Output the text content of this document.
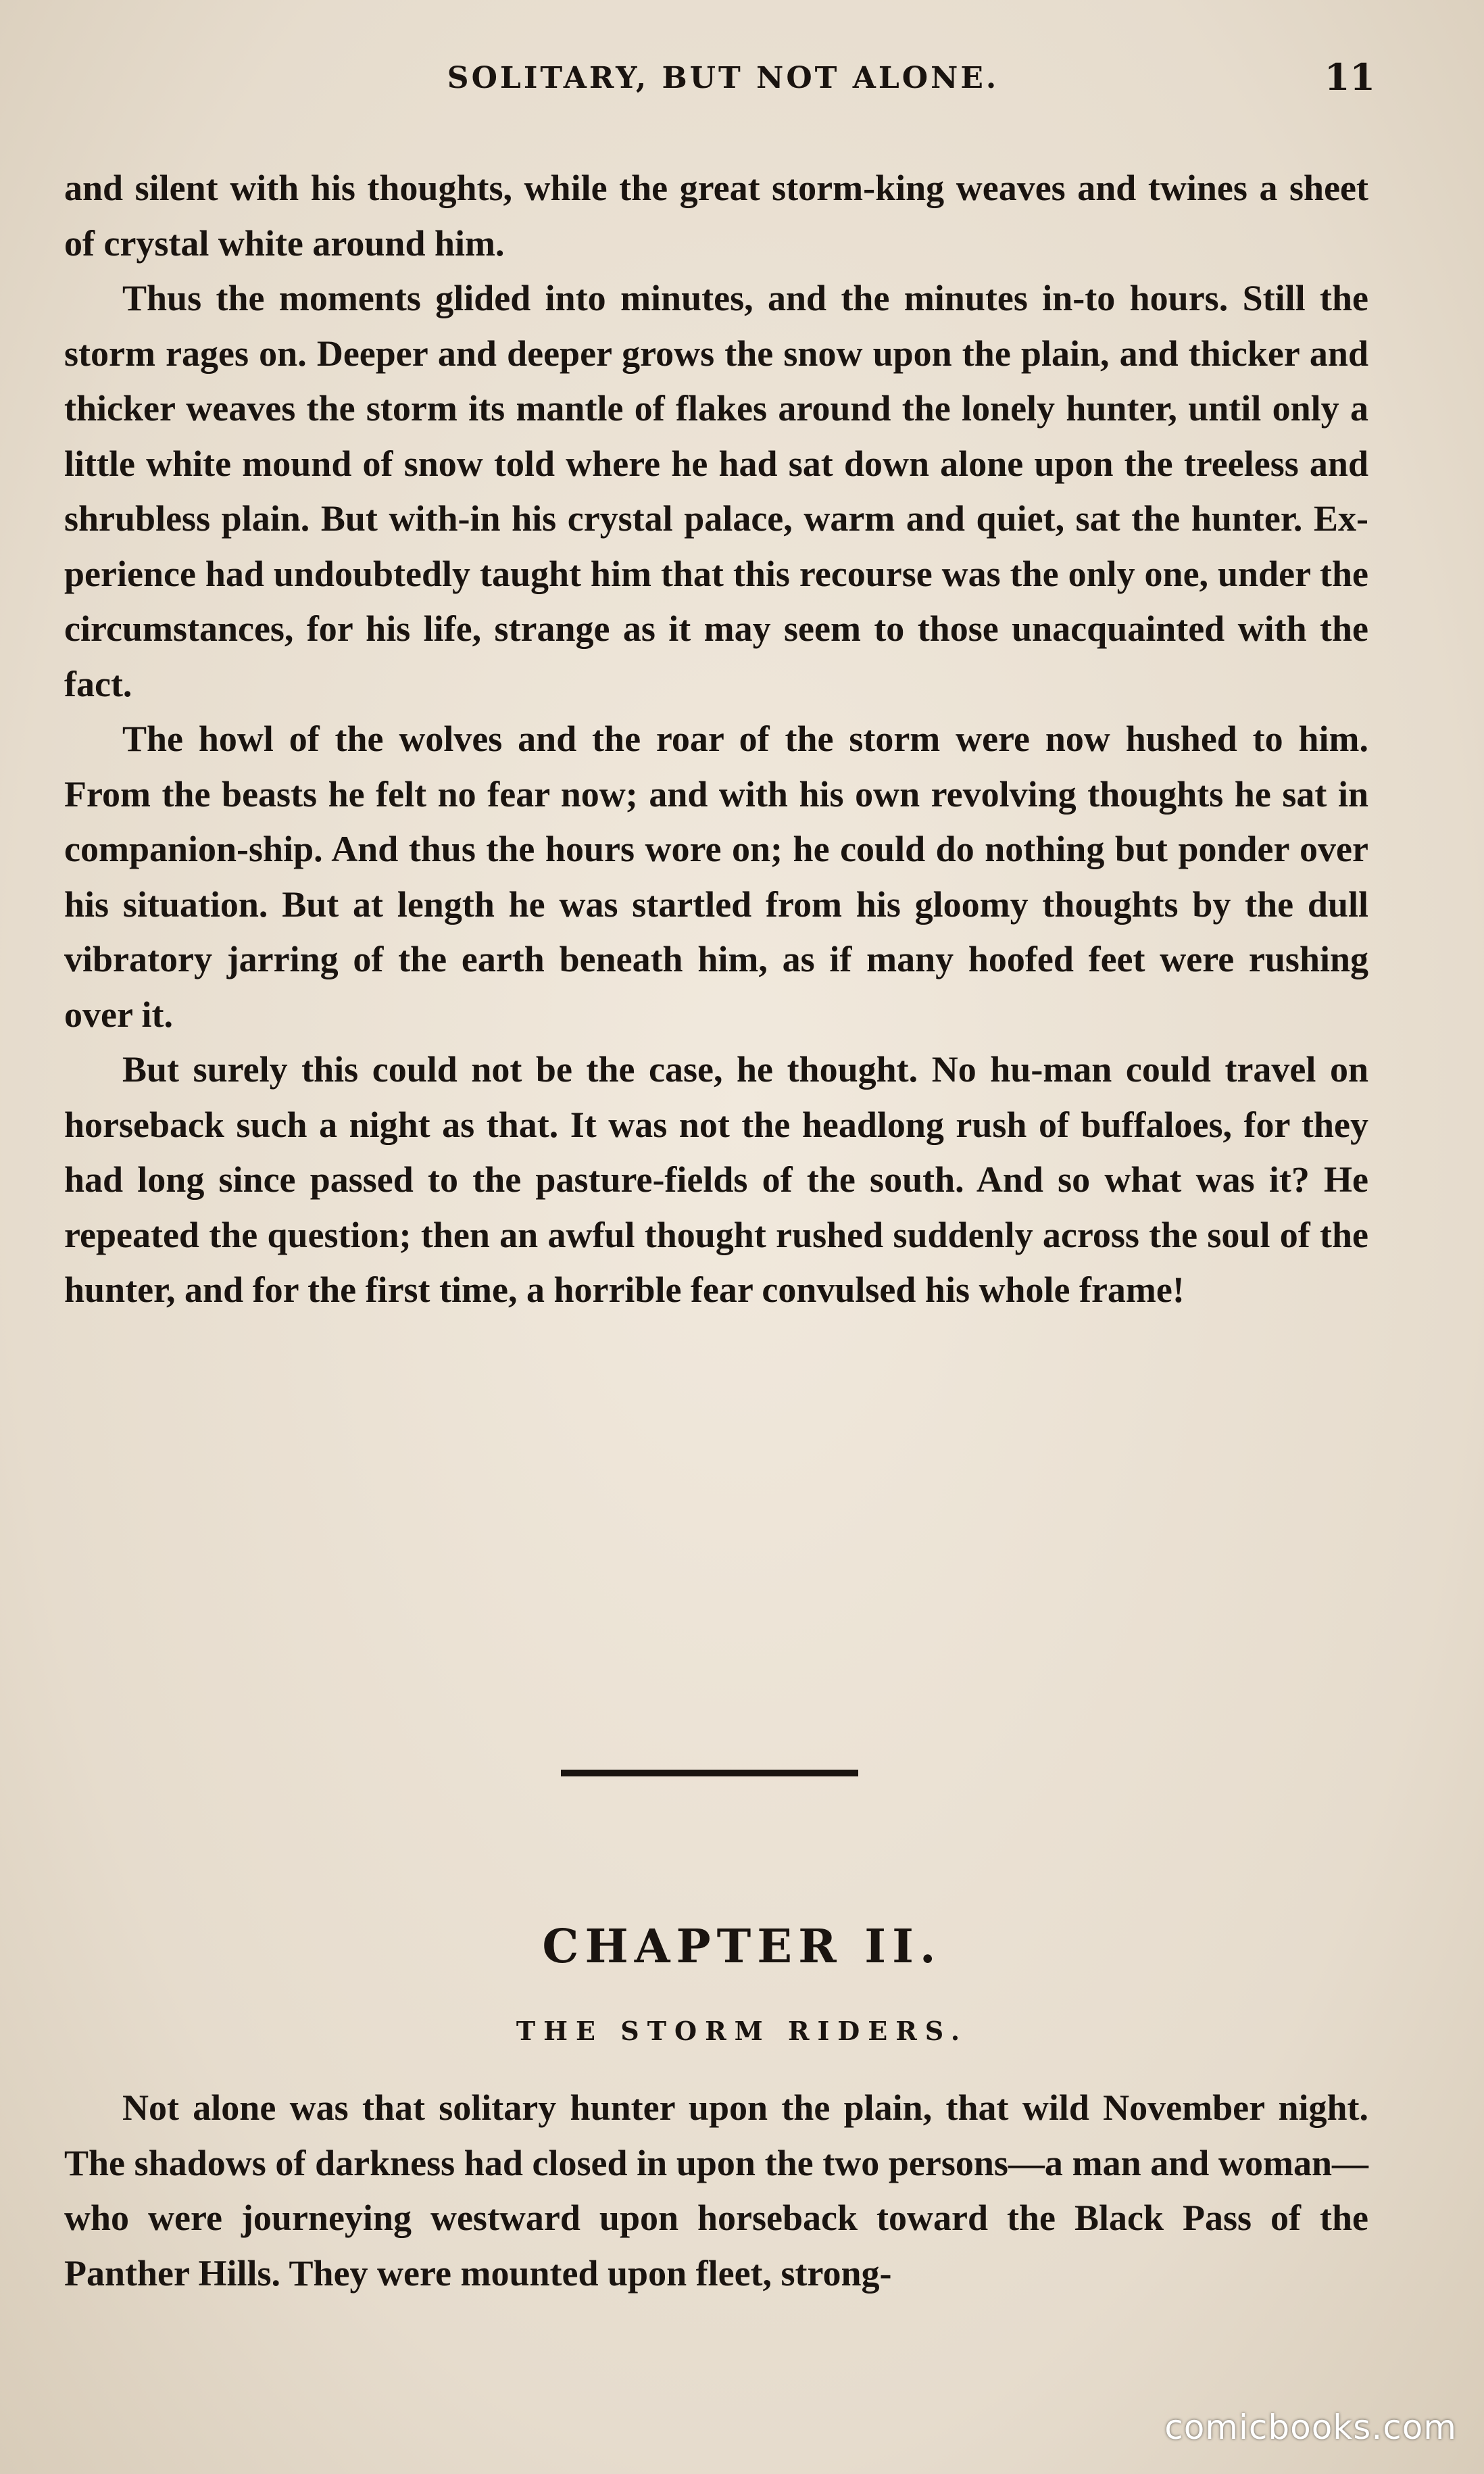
SOLITARY, BUT NOT ALONE.	11

and silent with his thoughts, while the great storm-king weaves and twines a sheet of crystal white around him.

Thus the moments glided into minutes, and the minutes in-to hours. Still the storm rages on. Deeper and deeper grows the snow upon the plain, and thicker and thicker weaves the storm its mantle of flakes around the lonely hunter, until only a little white mound of snow told where he had sat down alone upon the treeless and shrubless plain. But with-in his crystal palace, warm and quiet, sat the hunter. Ex-perience had undoubtedly taught him that this recourse was the only one, under the circumstances, for his life, strange as it may seem to those unacquainted with the fact.

The howl of the wolves and the roar of the storm were now hushed to him. From the beasts he felt no fear now; and with his own revolving thoughts he sat in companion-ship. And thus the hours wore on; he could do nothing but ponder over his situation. But at length he was startled from his gloomy thoughts by the dull vibratory jarring of the earth beneath him, as if many hoofed feet were rushing over it.

But surely this could not be the case, he thought. No hu-man could travel on horseback such a night as that. It was not the headlong rush of buffaloes, for they had long since passed to the pasture-fields of the south. And so what was it? He repeated the question; then an awful thought rushed suddenly across the soul of the hunter, and for the first time, a horrible fear convulsed his whole frame!

CHAPTER II.
THE STORM RIDERS.

Not alone was that solitary hunter upon the plain, that wild November night. The shadows of darkness had closed in upon the two persons—a man and woman—who were journeying westward upon horseback toward the Black Pass of the Panther Hills. They were mounted upon fleet, strong-

comicbooks.com
